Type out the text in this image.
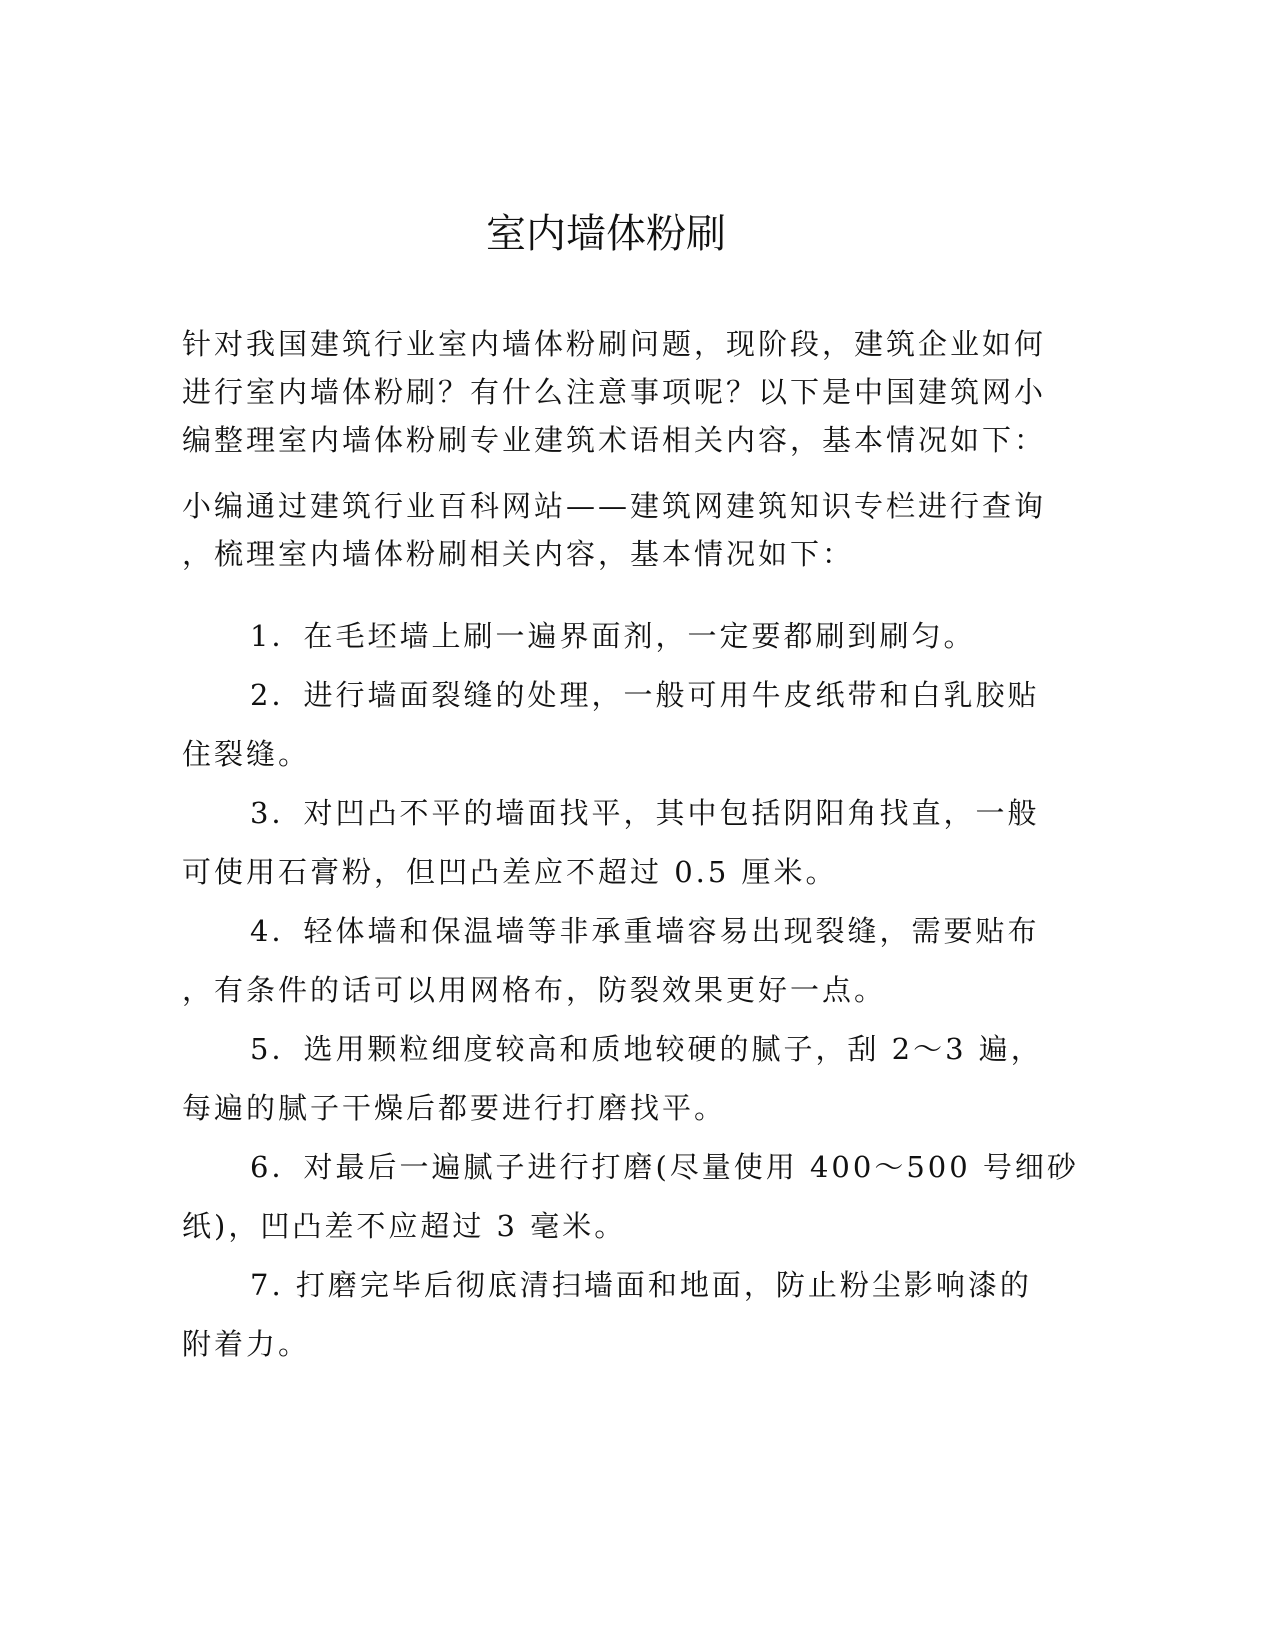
室内墙体粉刷
针对我国建筑行业室内墙体粉刷问题，现阶段，建筑企业如何
进行室内墙体粉刷？有什么注意事项呢？以下是中国建筑网小
编整理室内墙体粉刷专业建筑术语相关内容，基本情况如下：
小编通过建筑行业百科网站——建筑网建筑知识专栏进行查询
，梳理室内墙体粉刷相关内容，基本情况如下：
1．在毛坯墙上刷一遍界面剂，一定要都刷到刷匀。
2．进行墙面裂缝的处理，一般可用牛皮纸带和白乳胶贴
住裂缝。
3．对凹凸不平的墙面找平，其中包括阴阳角找直，一般
可使用石膏粉，但凹凸差应不超过 0.5 厘米。
4．轻体墙和保温墙等非承重墙容易出现裂缝，需要贴布
，有条件的话可以用网格布，防裂效果更好一点。
5．选用颗粒细度较高和质地较硬的腻子，刮 2～3 遍，
每遍的腻子干燥后都要进行打磨找平。
6．对最后一遍腻子进行打磨(尽量使用 400～500 号细砂
纸)，凹凸差不应超过 3 毫米。
7. 打磨完毕后彻底清扫墙面和地面，防止粉尘影响漆的
附着力。
